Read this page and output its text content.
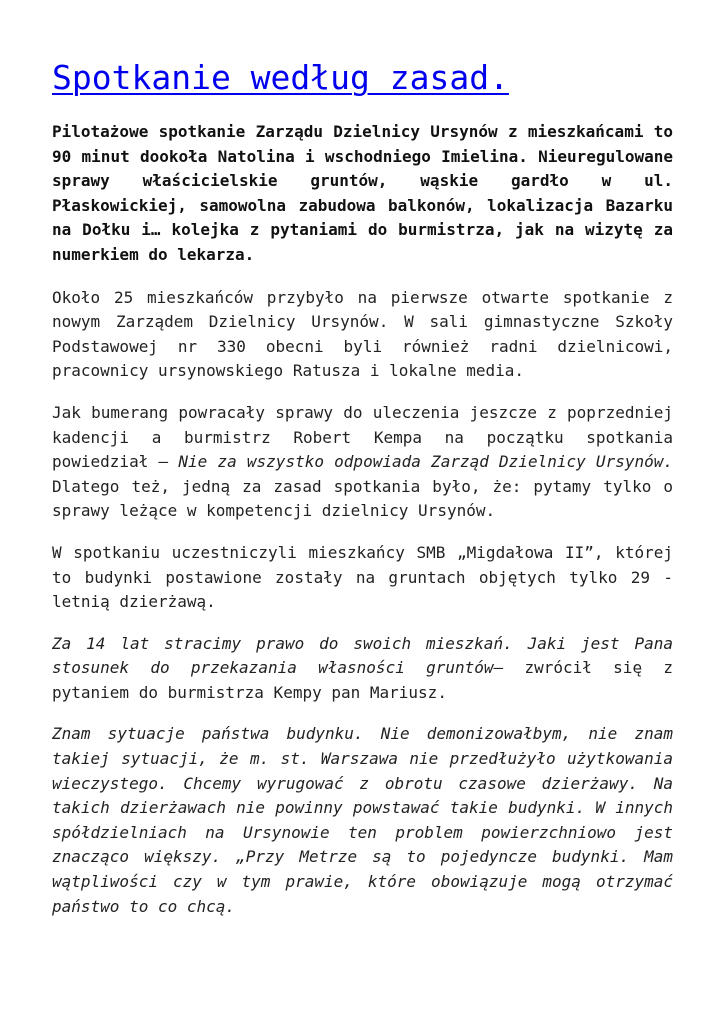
Spotkanie według zasad.

Pilotażowe spotkanie Zarządu Dzielnicy Ursynów z mieszkańcami to 90 minut dookoła Natolina i wschodniego Imielina. Nieuregulowane sprawy właścicielskie gruntów, wąskie gardło w ul. Płaskowickiej, samowolna zabudowa balkonów, lokalizacja Bazarku na Dołku i… kolejka z pytaniami do burmistrza, jak na wizytę za numerkiem do lekarza.

Około 25 mieszkańców przybyło na pierwsze otwarte spotkanie z nowym Zarządem Dzielnicy Ursynów. W sali gimnastyczne Szkoły Podstawowej nr 330 obecni byli również radni dzielnicowi, pracownicy ursynowskiego Ratusza i lokalne media.

Jak bumerang powracały sprawy do uleczenia jeszcze z poprzedniej kadencji a burmistrz Robert Kempa na początku spotkania powiedział – Nie za wszystko odpowiada Zarząd Dzielnicy Ursynów. Dlatego też, jedną za zasad spotkania było, że: pytamy tylko o sprawy leżące w kompetencji dzielnicy Ursynów.

W spotkaniu uczestniczyli mieszkańcy SMB „Migdałowa II”, której to budynki postawione zostały na gruntach objętych tylko 29 -letnią dzierżawą.

Za 14 lat stracimy prawo do swoich mieszkań. Jaki jest Pana stosunek do przekazania własności gruntów– zwrócił się z pytaniem do burmistrza Kempy pan Mariusz.

Znam sytuacje państwa budynku. Nie demonizowałbym, nie znam takiej sytuacji, że m. st. Warszawa nie przedłużyło użytkowania wieczystego. Chcemy wyrugować z obrotu czasowe dzierżawy. Na takich dzierżawach nie powinny powstawać takie budynki. W innych spółdzielniach na Ursynowie ten problem powierzchniowo jest znacząco większy. „Przy Metrze są to pojedyncze budynki. Mam wątpliwości czy w tym prawie, które obowiązuje mogą otrzymać państwo to co chcą.
